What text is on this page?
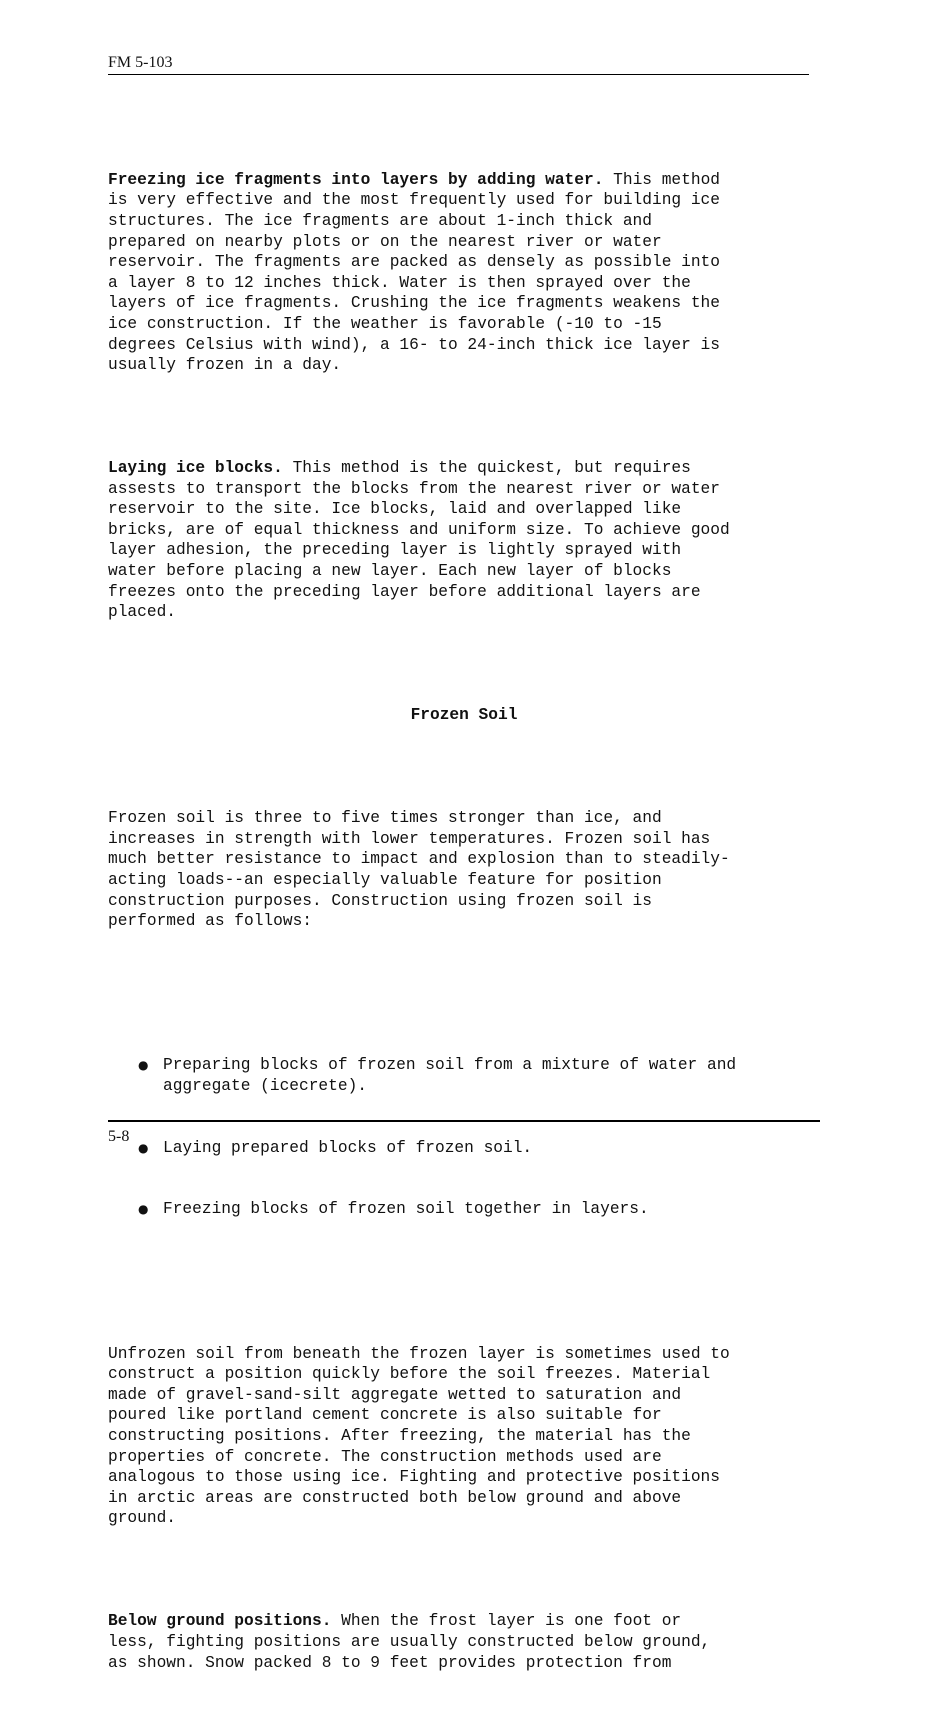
FM 5-103

Freezing ice fragments into layers by adding water. This method
is very effective and the most frequently used for building ice
structures. The ice fragments are about 1-inch thick and
prepared on nearby plots or on the nearest river or water
reservoir. The fragments are packed as densely as possible into
a layer 8 to 12 inches thick. Water is then sprayed over the
layers of ice fragments. Crushing the ice fragments weakens the
ice construction. If the weather is favorable (-10 to -15
degrees Celsius with wind), a 16- to 24-inch thick ice layer is
usually frozen in a day.

Laying ice blocks. This method is the quickest, but requires
assests to transport the blocks from the nearest river or water
reservoir to the site. Ice blocks, laid and overlapped like
bricks, are of equal thickness and uniform size. To achieve good
layer adhesion, the preceding layer is lightly sprayed with
water before placing a new layer. Each new layer of blocks
freezes onto the preceding layer before additional layers are
placed.

Frozen Soil

Frozen soil is three to five times stronger than ice, and
increases in strength with lower temperatures. Frozen soil has
much better resistance to impact and explosion than to steadily-
acting loads--an especially valuable feature for position
construction purposes. Construction using frozen soil is
performed as follows:

● Preparing blocks of frozen soil from a mixture of water and
aggregate (icecrete).

● Laying prepared blocks of frozen soil.

● Freezing blocks of frozen soil together in layers.

Unfrozen soil from beneath the frozen layer is sometimes used to
construct a position quickly before the soil freezes. Material
made of gravel-sand-silt aggregate wetted to saturation and
poured like portland cement concrete is also suitable for
constructing positions. After freezing, the material has the
properties of concrete. The construction methods used are
analogous to those using ice. Fighting and protective positions
in arctic areas are constructed both below ground and above
ground.

Below ground positions. When the frost layer is one foot or
less, fighting positions are usually constructed below ground,
as shown. Snow packed 8 to 9 feet provides protection from

5-8
